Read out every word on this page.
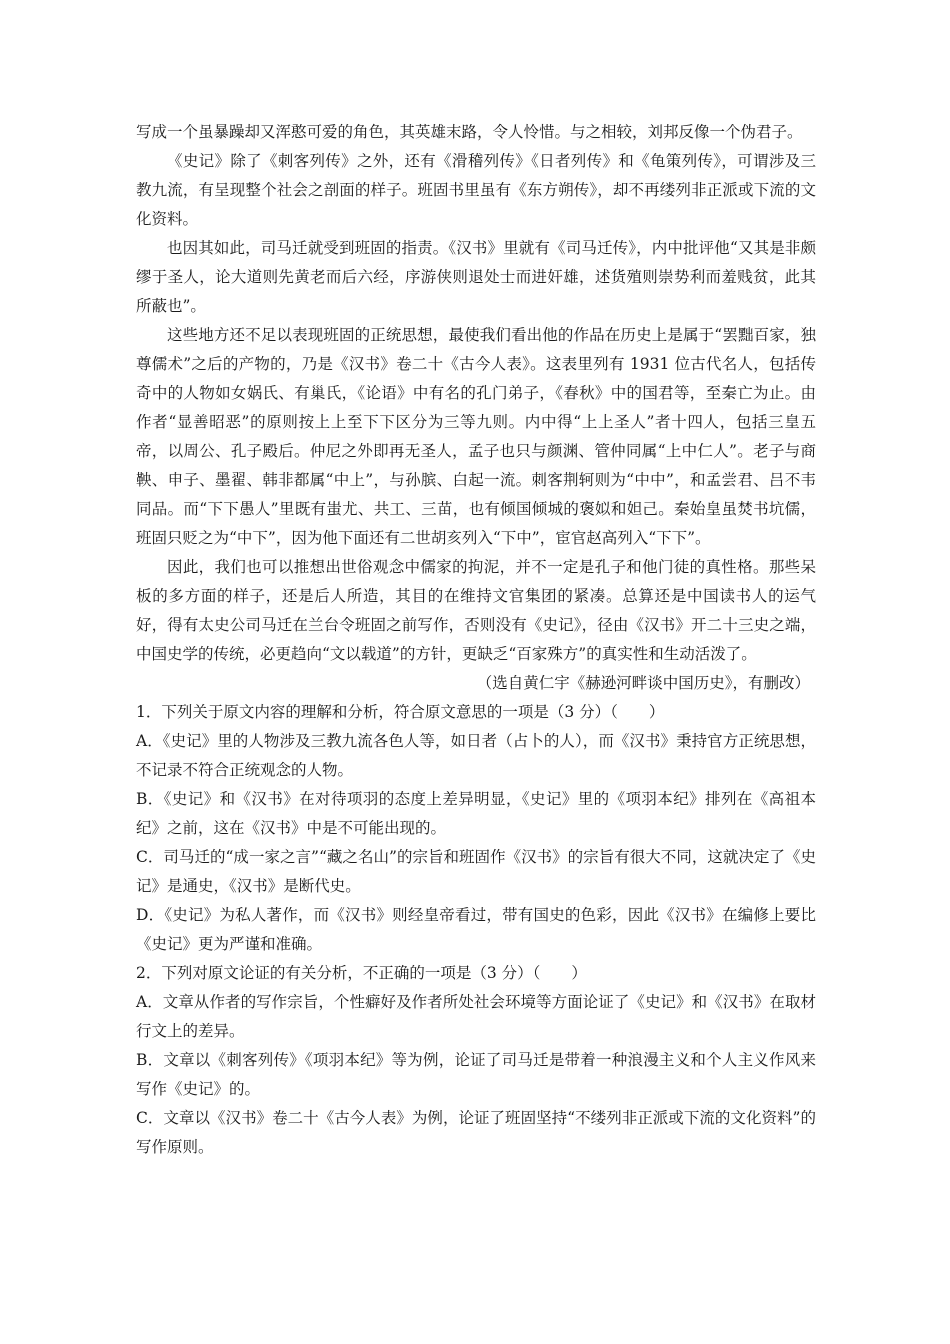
写成一个虽暴躁却又浑憨可爱的角色，其英雄末路，令人怜惜。与之相较，刘邦反像一个伪君子。

《史记》除了《刺客列传》之外，还有《滑稽列传》《日者列传》和《龟策列传》，可谓涉及三教九流，有呈现整个社会之剖面的样子。班固书里虽有《东方朔传》，却不再缕列非正派或下流的文化资料。

也因其如此，司马迁就受到班固的指责。《汉书》里就有《司马迁传》，内中批评他“又其是非颇缪于圣人，论大道则先黄老而后六经，序游侠则退处士而进奸雄，述货殖则崇势利而羞贱贫，此其所蔽也”。

这些地方还不足以表现班固的正统思想，最使我们看出他的作品在历史上是属于“罢黜百家，独尊儒术”之后的产物的，乃是《汉书》卷二十《古今人表》。这表里列有 1931 位古代名人，包括传奇中的人物如女娲氏、有巢氏，《论语》中有名的孔门弟子，《春秋》中的国君等，至秦亡为止。由作者“显善昭恶”的原则按上上至下下区分为三等九则。内中得“上上圣人”者十四人，包括三皇五帝，以周公、孔子殿后。仲尼之外即再无圣人，孟子也只与颜渊、管仲同属“上中仁人”。老子与商鞅、申子、墨翟、韩非都属“中上”，与孙膑、白起一流。刺客荆轲则为“中中”，和孟尝君、吕不韦同品。而“下下愚人”里既有蚩尤、共工、三苗，也有倾国倾城的褒姒和妲己。秦始皇虽焚书坑儒，班固只贬之为“中下”，因为他下面还有二世胡亥列入“下中”，宦官赵高列入“下下”。

因此，我们也可以推想出世俗观念中儒家的拘泥，并不一定是孔子和他门徒的真性格。那些呆板的多方面的样子，还是后人所造，其目的在维持文官集团的紧凑。总算还是中国读书人的运气好，得有太史公司马迁在兰台令班固之前写作，否则没有《史记》，径由《汉书》开二十三史之端，中国史学的传统，必更趋向“文以载道”的方针，更缺乏“百家殊方”的真实性和生动活泼了。

（选自黄仁宇《赫逊河畔谈中国历史》，有删改）

1．下列关于原文内容的理解和分析，符合原文意思的一项是（3 分）（　　）

A．《史记》里的人物涉及三教九流各色人等，如日者（占卜的人），而《汉书》秉持官方正统思想，不记录不符合正统观念的人物。

B．《史记》和《汉书》在对待项羽的态度上差异明显，《史记》里的《项羽本纪》排列在《高祖本纪》之前，这在《汉书》中是不可能出现的。

C．司马迁的“成一家之言”“藏之名山”的宗旨和班固作《汉书》的宗旨有很大不同，这就决定了《史记》是通史，《汉书》是断代史。

D．《史记》为私人著作，而《汉书》则经皇帝看过，带有国史的色彩，因此《汉书》在编修上要比《史记》更为严谨和准确。

2．下列对原文论证的有关分析，不正确的一项是（3 分）（　　）

A．文章从作者的写作宗旨，个性癖好及作者所处社会环境等方面论证了《史记》和《汉书》在取材行文上的差异。

B．文章以《刺客列传》《项羽本纪》等为例，论证了司马迁是带着一种浪漫主义和个人主义作风来写作《史记》的。

C．文章以《汉书》卷二十《古今人表》为例，论证了班固坚持“不缕列非正派或下流的文化资料”的写作原则。
